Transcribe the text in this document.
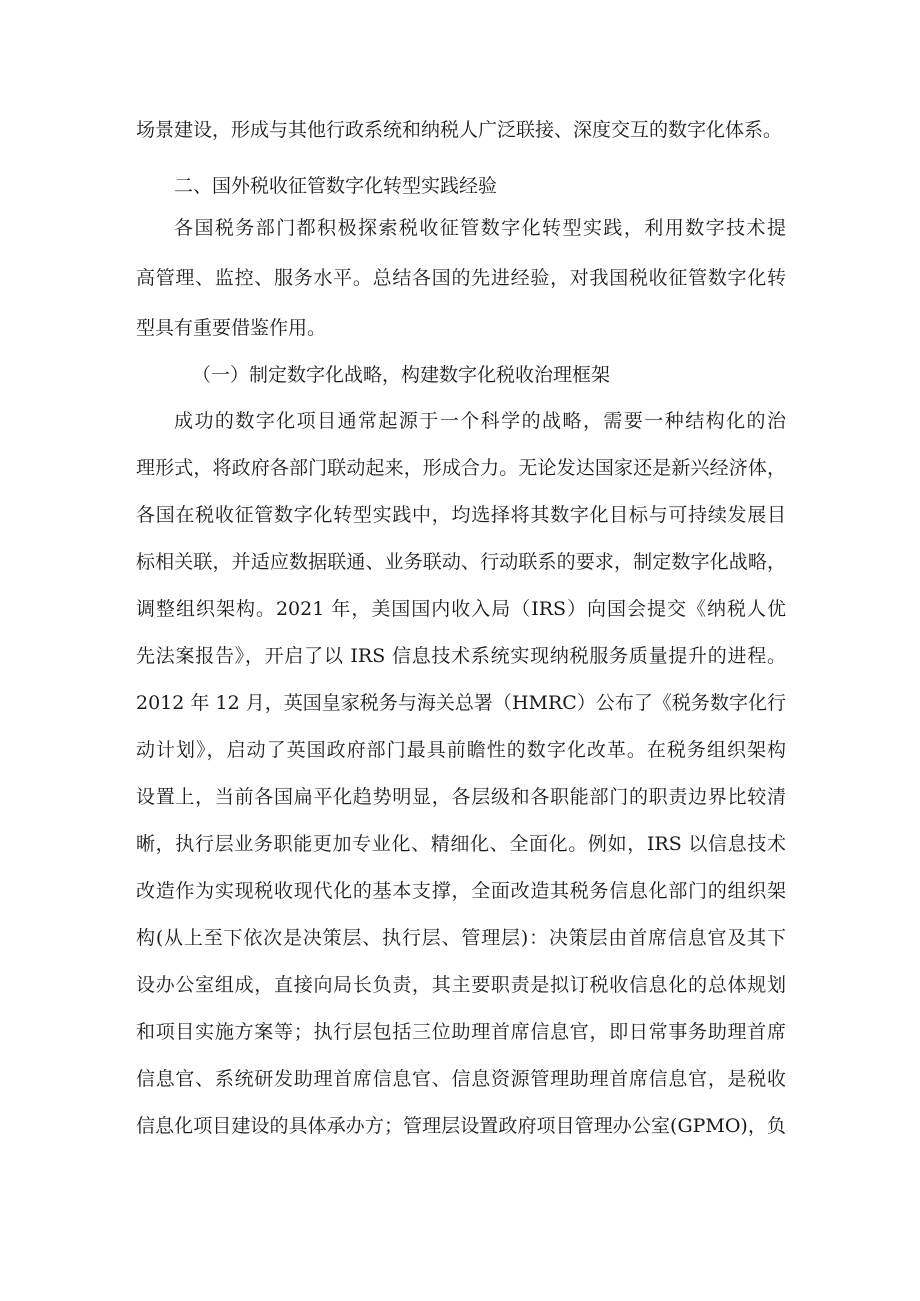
场景建设，形成与其他行政系统和纳税人广泛联接、深度交互的数字化体系。
二、国外税收征管数字化转型实践经验
各国税务部门都积极探索税收征管数字化转型实践，利用数字技术提
高管理、监控、服务水平。总结各国的先进经验，对我国税收征管数字化转
型具有重要借鉴作用。
（一）制定数字化战略，构建数字化税收治理框架
成功的数字化项目通常起源于一个科学的战略，需要一种结构化的治
理形式，将政府各部门联动起来，形成合力。无论发达国家还是新兴经济体，
各国在税收征管数字化转型实践中，均选择将其数字化目标与可持续发展目
标相关联，并适应数据联通、业务联动、行动联系的要求，制定数字化战略，
调整组织架构。2021 年，美国国内收入局（IRS）向国会提交《纳税人优
先法案报告》，开启了以 IRS 信息技术系统实现纳税服务质量提升的进程。
2012 年 12 月，英国皇家税务与海关总署（HMRC）公布了《税务数字化行
动计划》，启动了英国政府部门最具前瞻性的数字化改革。在税务组织架构
设置上，当前各国扁平化趋势明显，各层级和各职能部门的职责边界比较清
晰，执行层业务职能更加专业化、精细化、全面化。例如，IRS 以信息技术
改造作为实现税收现代化的基本支撑，全面改造其税务信息化部门的组织架
构(从上至下依次是决策层、执行层、管理层)：决策层由首席信息官及其下
设办公室组成，直接向局长负责，其主要职责是拟订税收信息化的总体规划
和项目实施方案等；执行层包括三位助理首席信息官，即日常事务助理首席
信息官、系统研发助理首席信息官、信息资源管理助理首席信息官，是税收
信息化项目建设的具体承办方；管理层设置政府项目管理办公室(GPMO)，负
